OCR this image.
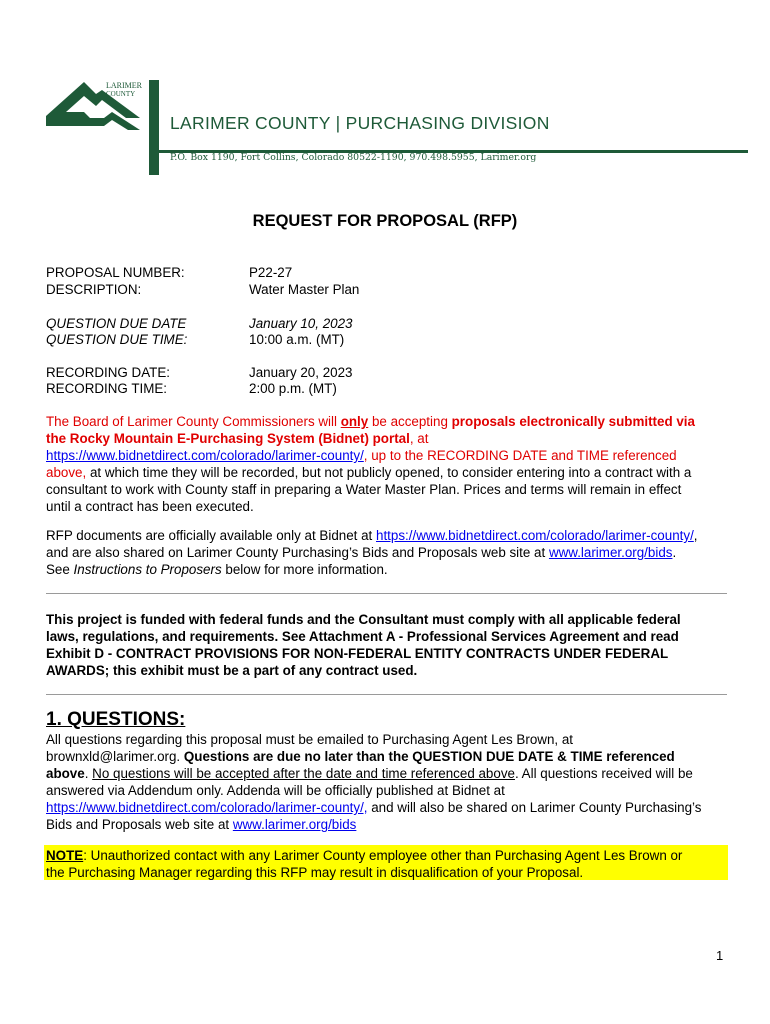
LARIMER
COUNTY
LARIMER COUNTY | PURCHASING DIVISION
P.O. Box 1190, Fort Collins, Colorado 80522-1190, 970.498.5955, Larimer.org
REQUEST FOR PROPOSAL (RFP)
PROPOSAL NUMBER:	P22-27
DESCRIPTION:	Water Master Plan
QUESTION DUE DATE	January 10, 2023
QUESTION DUE TIME:	10:00 a.m. (MT)
RECORDING DATE:	January 20, 2023
RECORDING TIME:	2:00 p.m. (MT)
The Board of Larimer County Commissioners will only be accepting proposals electronically submitted via
the Rocky Mountain E-Purchasing System (Bidnet) portal, at
https://www.bidnetdirect.com/colorado/larimer-county/, up to the RECORDING DATE and TIME referenced
above, at which time they will be recorded, but not publicly opened, to consider entering into a contract with a
consultant to work with County staff in preparing a Water Master Plan. Prices and terms will remain in effect
until a contract has been executed.
RFP documents are officially available only at Bidnet at https://www.bidnetdirect.com/colorado/larimer-county/,
and are also shared on Larimer County Purchasing’s Bids and Proposals web site at www.larimer.org/bids.
See Instructions to Proposers below for more information.
This project is funded with federal funds and the Consultant must comply with all applicable federal
laws, regulations, and requirements. See Attachment A - Professional Services Agreement and read
Exhibit D - CONTRACT PROVISIONS FOR NON-FEDERAL ENTITY CONTRACTS UNDER FEDERAL
AWARDS; this exhibit must be a part of any contract used.
1. QUESTIONS:
All questions regarding this proposal must be emailed to Purchasing Agent Les Brown, at
brownxld@larimer.org. Questions are due no later than the QUESTION DUE DATE & TIME referenced
above. No questions will be accepted after the date and time referenced above. All questions received will be
answered via Addendum only. Addenda will be officially published at Bidnet at
https://www.bidnetdirect.com/colorado/larimer-county/, and will also be shared on Larimer County Purchasing’s
Bids and Proposals web site at www.larimer.org/bids
NOTE: Unauthorized contact with any Larimer County employee other than Purchasing Agent Les Brown or
the Purchasing Manager regarding this RFP may result in disqualification of your Proposal.
1
